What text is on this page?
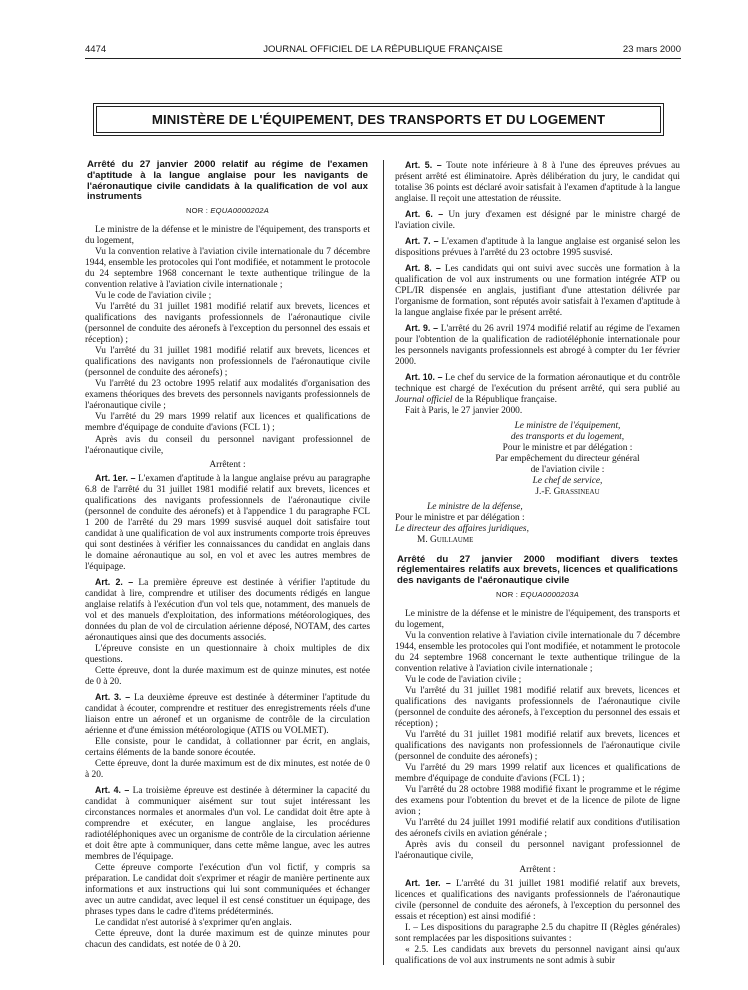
4474	JOURNAL OFFICIEL DE LA RÉPUBLIQUE FRANÇAISE	23 mars 2000
MINISTÈRE DE L'ÉQUIPEMENT, DES TRANSPORTS ET DU LOGEMENT

Arrêté du 27 janvier 2000 relatif au régime de l'examen d'aptitude à la langue anglaise pour les navigants de l'aéronautique civile candidats à la qualification de vol aux instruments

NOR : EQUA0000202A

Le ministre de la défense et le ministre de l'équipement, des transports et du logement,

Vu la convention relative à l'aviation civile internationale du 7 décembre 1944, ensemble les protocoles qui l'ont modifiée, et notamment le protocole du 24 septembre 1968 concernant le texte authentique trilingue de la convention relative à l'aviation civile internationale ;

Vu le code de l'aviation civile ;

Vu l'arrêté du 31 juillet 1981 modifié relatif aux brevets, licences et qualifications des navigants professionnels de l'aéronautique civile (personnel de conduite des aéronefs à l'exception du personnel des essais et réception) ;

Vu l'arrêté du 31 juillet 1981 modifié relatif aux brevets, licences et qualifications des navigants non professionnels de l'aéronautique civile (personnel de conduite des aéronefs) ;

Vu l'arrêté du 23 octobre 1995 relatif aux modalités d'organisation des examens théoriques des brevets des personnels navigants professionnels de l'aéronautique civile ;

Vu l'arrêté du 29 mars 1999 relatif aux licences et qualifications de membre d'équipage de conduite d'avions (FCL 1) ;

Après avis du conseil du personnel navigant professionnel de l'aéronautique civile,

Arrêtent :

Art. 1er. – L'examen d'aptitude à la langue anglaise prévu au paragraphe 6.8 de l'arrêté du 31 juillet 1981 modifié relatif aux brevets, licences et qualifications des navigants professionnels de l'aéronautique civile (personnel de conduite des aéronefs) et à l'appendice 1 du paragraphe FCL 1 200 de l'arrêté du 29 mars 1999 susvisé auquel doit satisfaire tout candidat à une qualification de vol aux instruments comporte trois épreuves qui sont destinées à vérifier les connaissances du candidat en anglais dans le domaine aéronautique au sol, en vol et avec les autres membres de l'équipage.

Art. 2. – La première épreuve est destinée à vérifier l'aptitude du candidat à lire, comprendre et utiliser des documents rédigés en langue anglaise relatifs à l'exécution d'un vol tels que, notamment, des manuels de vol et des manuels d'exploitation, des informations météorologiques, des données du plan de vol de circulation aérienne déposé, NOTAM, des cartes aéronautiques ainsi que des documents associés.

L'épreuve consiste en un questionnaire à choix multiples de dix questions.

Cette épreuve, dont la durée maximum est de quinze minutes, est notée de 0 à 20.

Art. 3. – La deuxième épreuve est destinée à déterminer l'aptitude du candidat à écouter, comprendre et restituer des enregistrements réels d'une liaison entre un aéronef et un organisme de contrôle de la circulation aérienne et d'une émission météorologique (ATIS ou VOLMET).

Elle consiste, pour le candidat, à collationner par écrit, en anglais, certains éléments de la bande sonore écoutée.

Cette épreuve, dont la durée maximum est de dix minutes, est notée de 0 à 20.

Art. 4. – La troisième épreuve est destinée à déterminer la capacité du candidat à communiquer aisément sur tout sujet intéressant les circonstances normales et anormales d'un vol. Le candidat doit être apte à comprendre et exécuter, en langue anglaise, les procédures radiotéléphoniques avec un organisme de contrôle de la circulation aérienne et doit être apte à communiquer, dans cette même langue, avec les autres membres de l'équipage.

Cette épreuve comporte l'exécution d'un vol fictif, y compris sa préparation. Le candidat doit s'exprimer et réagir de manière pertinente aux informations et aux instructions qui lui sont communiquées et échanger avec un autre candidat, avec lequel il est censé constituer un équipage, des phrases types dans le cadre d'items prédéterminés.

Le candidat n'est autorisé à s'exprimer qu'en anglais.

Cette épreuve, dont la durée maximum est de quinze minutes pour chacun des candidats, est notée de 0 à 20.

Art. 5. – Toute note inférieure à 8 à l'une des épreuves prévues au présent arrêté est éliminatoire. Après délibération du jury, le candidat qui totalise 36 points est déclaré avoir satisfait à l'examen d'aptitude à la langue anglaise. Il reçoit une attestation de réussite.

Art. 6. – Un jury d'examen est désigné par le ministre chargé de l'aviation civile.

Art. 7. – L'examen d'aptitude à la langue anglaise est organisé selon les dispositions prévues à l'arrêté du 23 octobre 1995 susvisé.

Art. 8. – Les candidats qui ont suivi avec succès une formation à la qualification de vol aux instruments ou une formation intégrée ATP ou CPL/IR dispensée en anglais, justifiant d'une attestation délivrée par l'organisme de formation, sont réputés avoir satisfait à l'examen d'aptitude à la langue anglaise fixée par le présent arrêté.

Art. 9. – L'arrêté du 26 avril 1974 modifié relatif au régime de l'examen pour l'obtention de la qualification de radiotéléphonie internationale pour les personnels navigants professionnels est abrogé à compter du 1er février 2000.

Art. 10. – Le chef du service de la formation aéronautique et du contrôle technique est chargé de l'exécution du présent arrêté, qui sera publié au Journal officiel de la République française.

Fait à Paris, le 27 janvier 2000.

Le ministre de l'équipement,

des transports et du logement,

Pour le ministre et par délégation :

Par empêchement du directeur général

de l'aviation civile :

Le chef de service,

J.-F. Grassineau

Le ministre de la défense,

Pour le ministre et par délégation :

Le directeur des affaires juridiques,

M. Guillaume

Arrêté du 27 janvier 2000 modifiant divers textes réglementaires relatifs aux brevets, licences et qualifications des navigants de l'aéronautique civile

NOR : EQUA0000203A

Le ministre de la défense et le ministre de l'équipement, des transports et du logement,

Vu la convention relative à l'aviation civile internationale du 7 décembre 1944, ensemble les protocoles qui l'ont modifiée, et notamment le protocole du 24 septembre 1968 concernant le texte authentique trilingue de la convention relative à l'aviation civile internationale ;

Vu le code de l'aviation civile ;

Vu l'arrêté du 31 juillet 1981 modifié relatif aux brevets, licences et qualifications des navigants professionnels de l'aéronautique civile (personnel de conduite des aéronefs, à l'exception du personnel des essais et réception) ;

Vu l'arrêté du 31 juillet 1981 modifié relatif aux brevets, licences et qualifications des navigants non professionnels de l'aéronautique civile (personnel de conduite des aéronefs) ;

Vu l'arrêté du 29 mars 1999 relatif aux licences et qualifications de membre d'équipage de conduite d'avions (FCL 1) ;

Vu l'arrêté du 28 octobre 1988 modifié fixant le programme et le régime des examens pour l'obtention du brevet et de la licence de pilote de ligne avion ;

Vu l'arrêté du 24 juillet 1991 modifié relatif aux conditions d'utilisation des aéronefs civils en aviation générale ;

Après avis du conseil du personnel navigant professionnel de l'aéronautique civile,

Arrêtent :

Art. 1er. – L'arrêté du 31 juillet 1981 modifié relatif aux brevets, licences et qualifications des navigants professionnels de l'aéronautique civile (personnel de conduite des aéronefs, à l'exception du personnel des essais et réception) est ainsi modifié :

I. – Les dispositions du paragraphe 2.5 du chapitre II (Règles générales) sont remplacées par les dispositions suivantes :

« 2.5. Les candidats aux brevets du personnel navigant ainsi qu'aux qualifications de vol aux instruments ne sont admis à subir
